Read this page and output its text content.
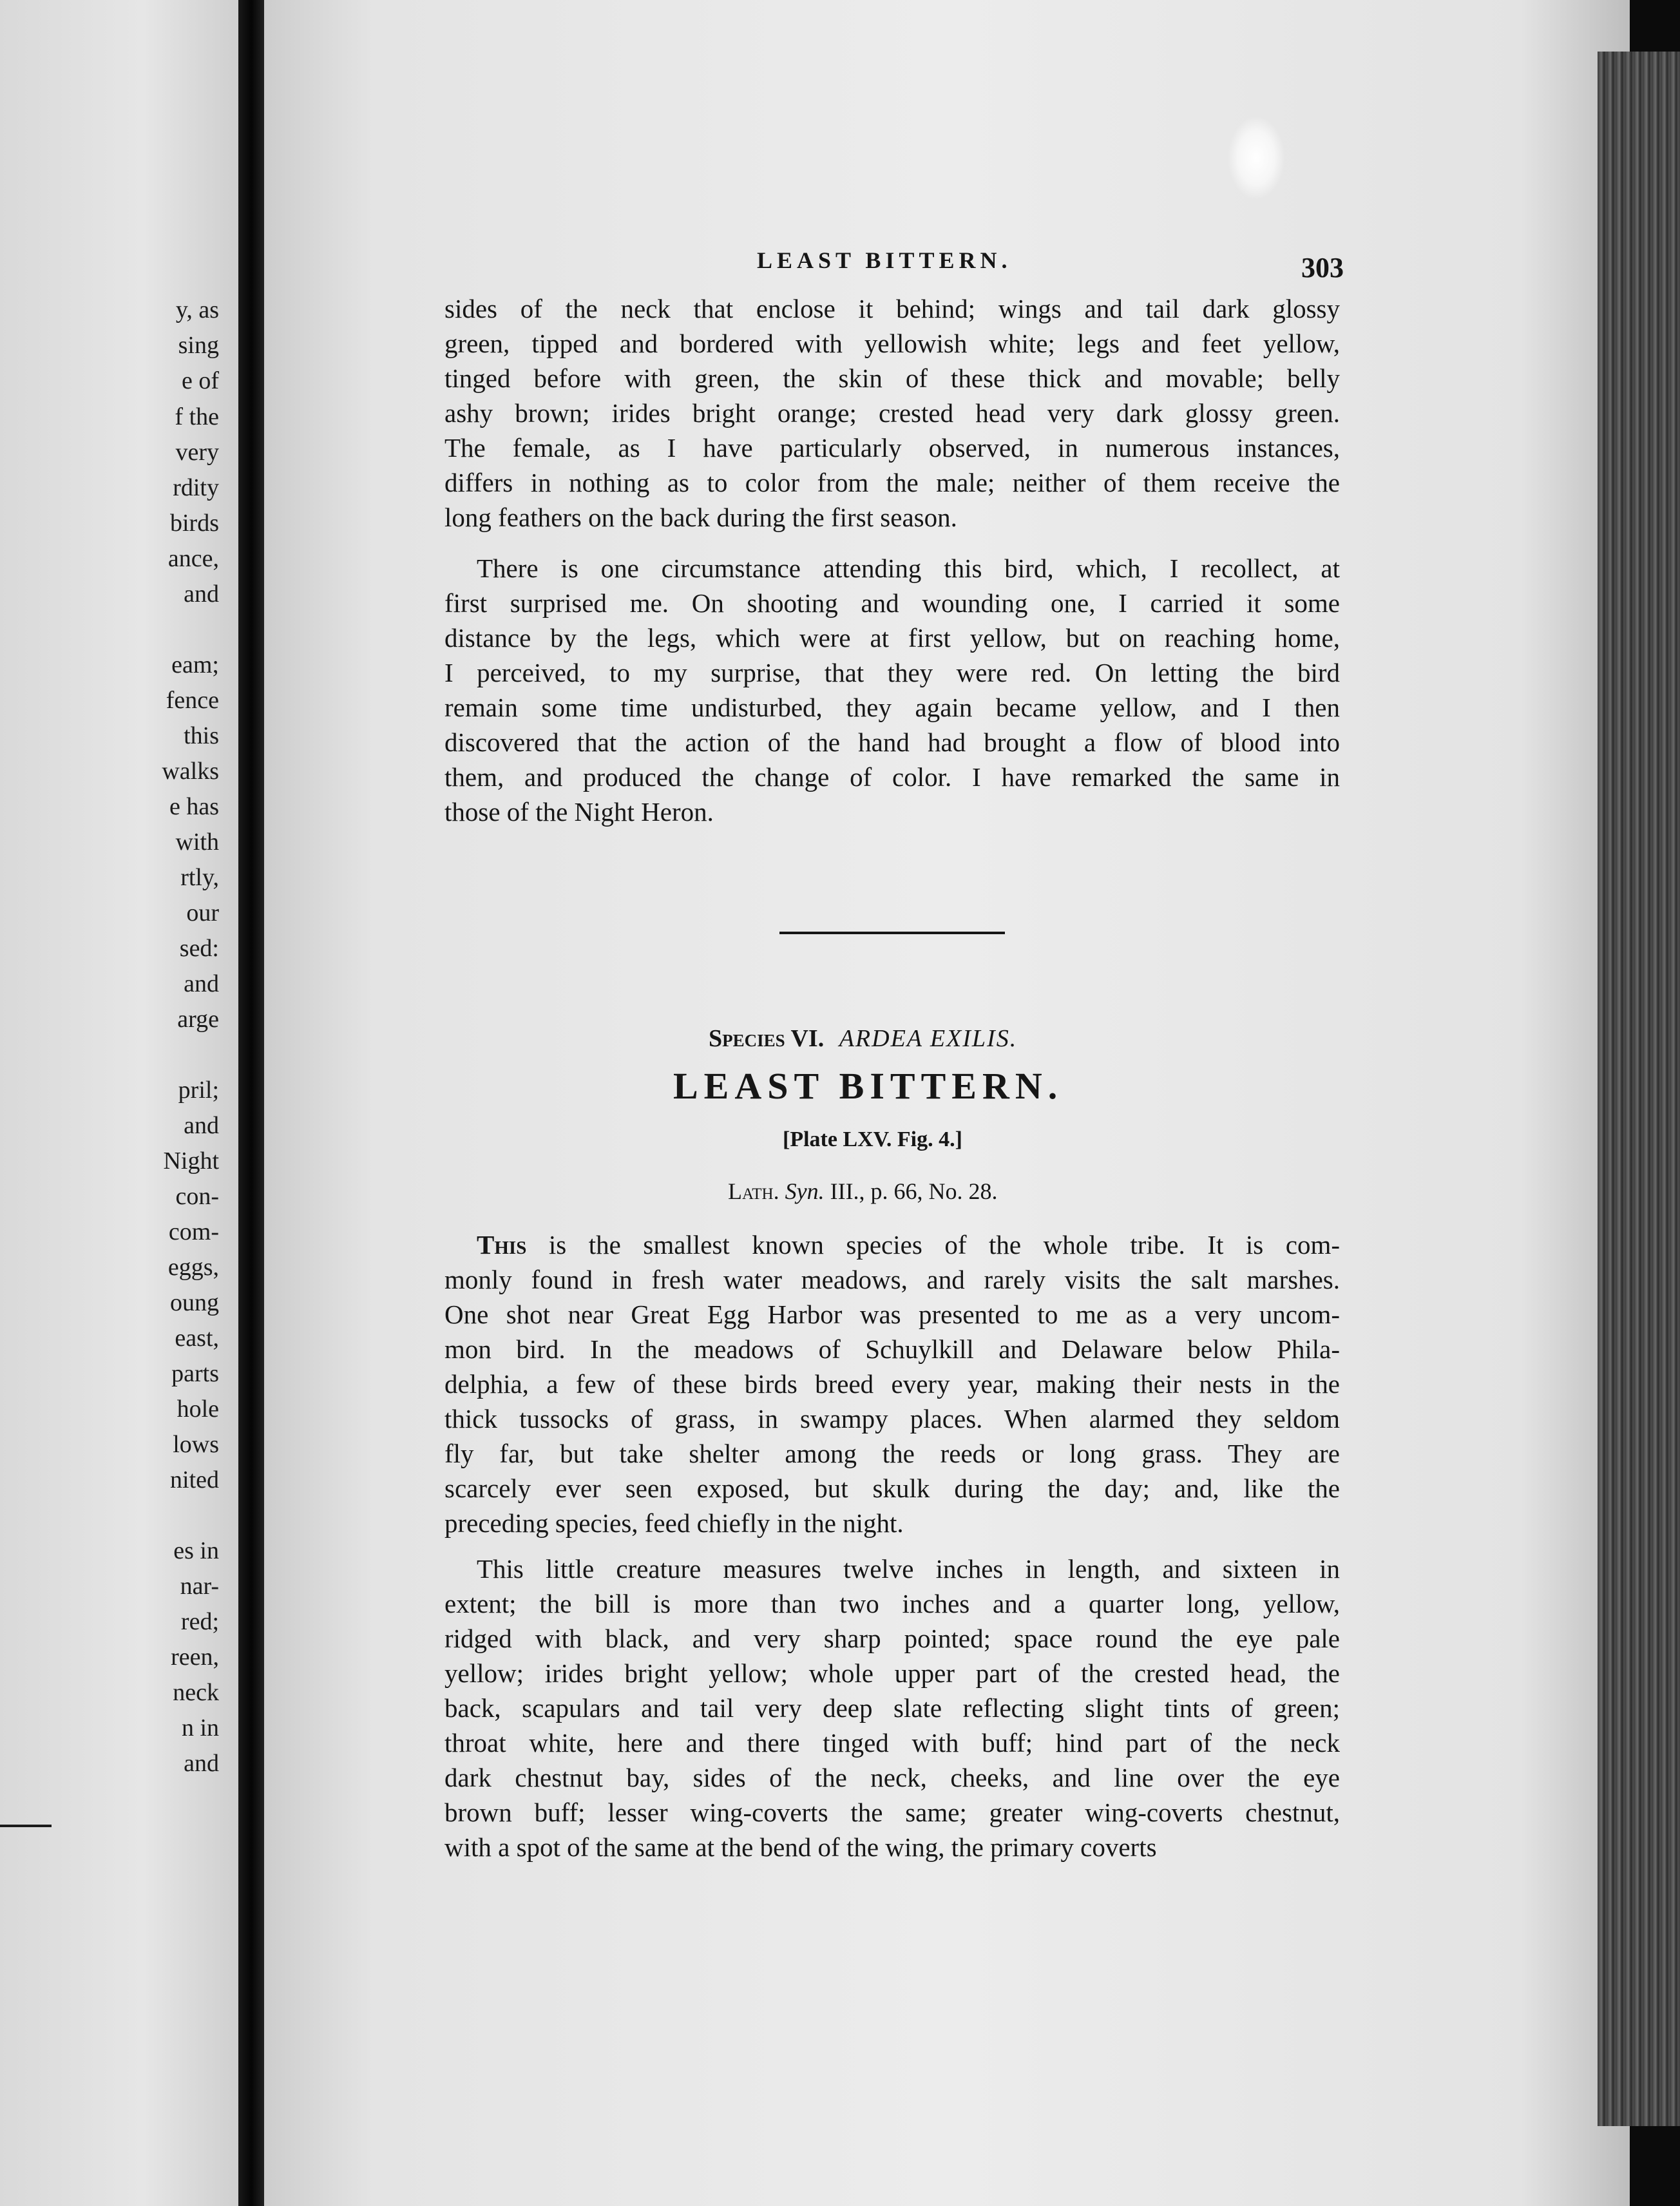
y, as
sing
e of
f the
very
rdity
birds
ance,
and
eam;
fence
this
walks
e has
with
rtly,
our
sed:
and
arge
pril;
and
Night
con-
com-
eggs,
oung
east,
parts
hole
lows
nited
es in
nar-
red;
reen,
neck
n in
and
LEAST BITTERN.	303
sides of the neck that enclose it behind; wings and tail dark glossy
green, tipped and bordered with yellowish white; legs and feet yellow,
tinged before with green, the skin of these thick and movable; belly
ashy brown; irides bright orange; crested head very dark glossy green.
The female, as I have particularly observed, in numerous instances,
differs in nothing as to color from the male; neither of them receive the
long feathers on the back during the first season.
There is one circumstance attending this bird, which, I recollect, at
first surprised me. On shooting and wounding one, I carried it some
distance by the legs, which were at first yellow, but on reaching home,
I perceived, to my surprise, that they were red. On letting the bird
remain some time undisturbed, they again became yellow, and I then
discovered that the action of the hand had brought a flow of blood into
them, and produced the change of color. I have remarked the same in
those of the Night Heron.
Species VI. ARDEA EXILIS.
LEAST BITTERN.
[Plate LXV. Fig. 4.]
Lath. Syn. III., p. 66, No. 28.
This is the smallest known species of the whole tribe. It is com-
monly found in fresh water meadows, and rarely visits the salt marshes.
One shot near Great Egg Harbor was presented to me as a very uncom-
mon bird. In the meadows of Schuylkill and Delaware below Phila-
delphia, a few of these birds breed every year, making their nests in the
thick tussocks of grass, in swampy places. When alarmed they seldom
fly far, but take shelter among the reeds or long grass. They are
scarcely ever seen exposed, but skulk during the day; and, like the
preceding species, feed chiefly in the night.
This little creature measures twelve inches in length, and sixteen in
extent; the bill is more than two inches and a quarter long, yellow,
ridged with black, and very sharp pointed; space round the eye pale
yellow; irides bright yellow; whole upper part of the crested head, the
back, scapulars and tail very deep slate reflecting slight tints of green;
throat white, here and there tinged with buff; hind part of the neck
dark chestnut bay, sides of the neck, cheeks, and line over the eye
brown buff; lesser wing-coverts the same; greater wing-coverts chestnut,
with a spot of the same at the bend of the wing, the primary coverts
